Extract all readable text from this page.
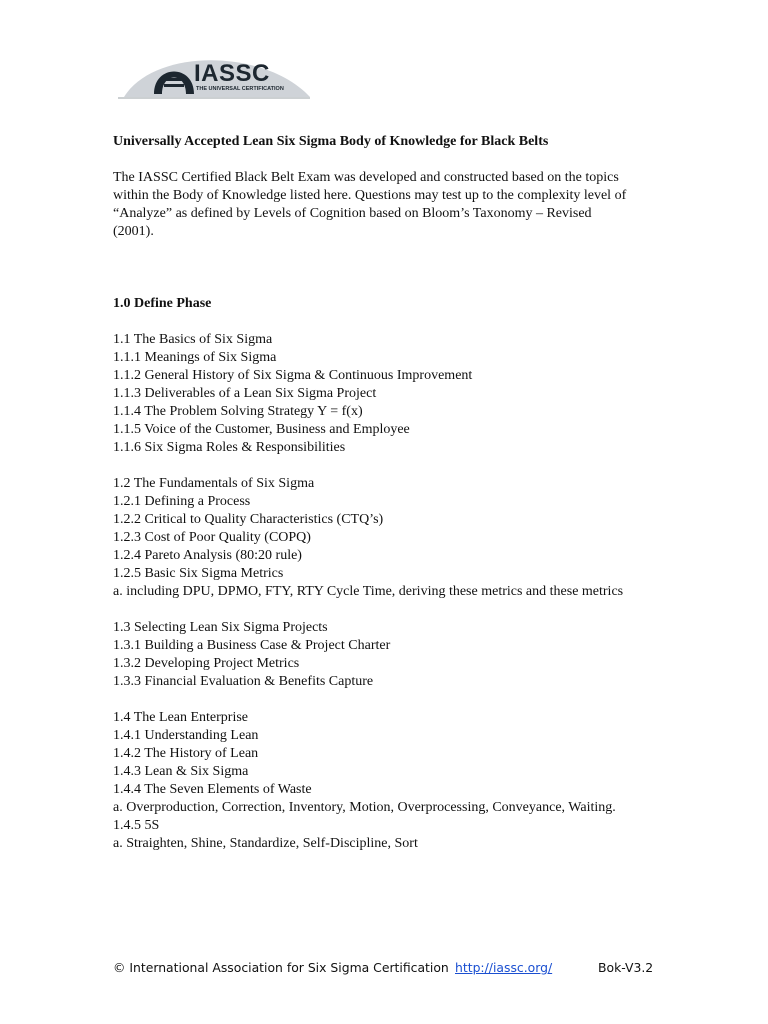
IASSC
THE UNIVERSAL CERTIFICATION

Universally Accepted Lean Six Sigma Body of Knowledge for Black Belts

The IASSC Certified Black Belt Exam was developed and constructed based on the topics within the Body of Knowledge listed here. Questions may test up to the complexity level of “Analyze” as defined by Levels of Cognition based on Bloom’s Taxonomy – Revised (2001).

1.0 Define Phase

1.1 The Basics of Six Sigma

1.1.1 Meanings of Six Sigma

1.1.2 General History of Six Sigma & Continuous Improvement

1.1.3 Deliverables of a Lean Six Sigma Project

1.1.4 The Problem Solving Strategy Y = f(x)

1.1.5 Voice of the Customer, Business and Employee

1.1.6 Six Sigma Roles & Responsibilities

1.2 The Fundamentals of Six Sigma

1.2.1 Defining a Process

1.2.2 Critical to Quality Characteristics (CTQ’s)

1.2.3 Cost of Poor Quality (COPQ)

1.2.4 Pareto Analysis (80:20 rule)

1.2.5 Basic Six Sigma Metrics

a. including DPU, DPMO, FTY, RTY Cycle Time, deriving these metrics and these metrics

1.3 Selecting Lean Six Sigma Projects

1.3.1 Building a Business Case & Project Charter

1.3.2 Developing Project Metrics

1.3.3 Financial Evaluation & Benefits Capture

1.4 The Lean Enterprise

1.4.1 Understanding Lean

1.4.2 The History of Lean

1.4.3 Lean & Six Sigma

1.4.4 The Seven Elements of Waste

a. Overproduction, Correction, Inventory, Motion, Overprocessing, Conveyance, Waiting.

1.4.5 5S

a. Straighten, Shine, Standardize, Self-Discipline, Sort

© International Association for Six Sigma Certification http://iassc.org/	Bok-V3.2
